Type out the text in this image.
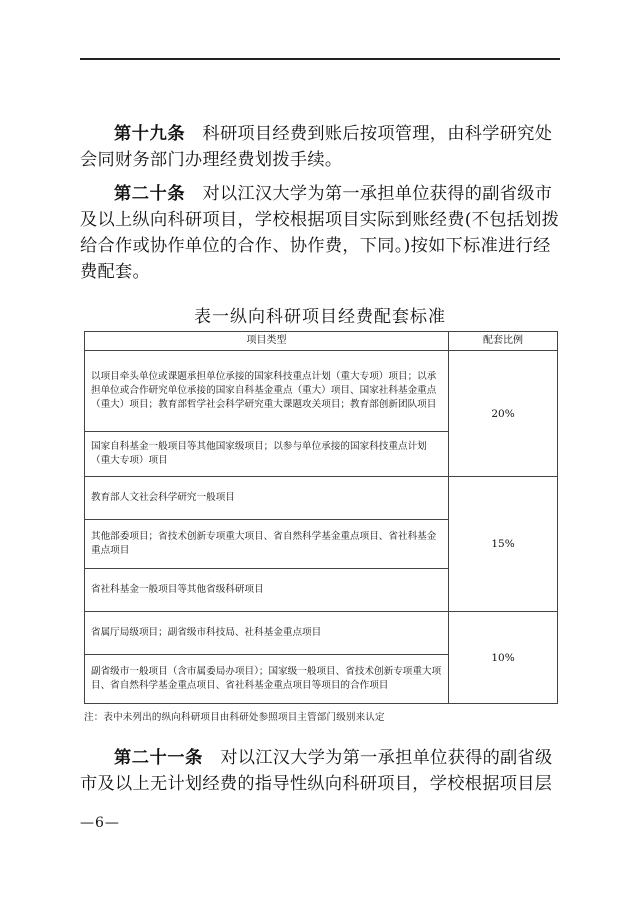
第十九条 科研项目经费到账后按项管理，由科学研究处会同财务部门办理经费划拨手续。
第二十条 对以江汉大学为第一承担单位获得的副省级市及以上纵向科研项目，学校根据项目实际到账经费(不包括划拨给合作或协作单位的合作、协作费，下同。)按如下标准进行经费配套。
表一纵向科研项目经费配套标准
项目类型	配套比例
以项目牵头单位或课题承担单位承接的国家科技重点计划（重大专项）项目；以承担单位或合作研究单位承接的国家自科基金重点（重大）项目、国家社科基金重点（重大）项目；教育部哲学社会科学研究重大课题攻关项目；教育部创新团队项目	20%
国家自科基金一般项目等其他国家级项目；以参与单位承接的国家科技重点计划（重大专项）项目	
教育部人文社会科学研究一般项目	15%
其他部委项目；省技术创新专项重大项目、省自然科学基金重点项目、省社科基金重点项目	
省社科基金一般项目等其他省级科研项目	
省属厅局级项目；副省级市科技局、社科基金重点项目	10%
副省级市一般项目（含市属委局办项目）；国家级一般项目、省技术创新专项重大项目、省自然科学基金重点项目、省社科基金重点项目等项目的合作项目	
注：表中未列出的纵向科研项目由科研处参照项目主管部门级别来认定
第二十一条 对以江汉大学为第一承担单位获得的副省级市及以上无计划经费的指导性纵向科研项目，学校根据项目层
—6—
